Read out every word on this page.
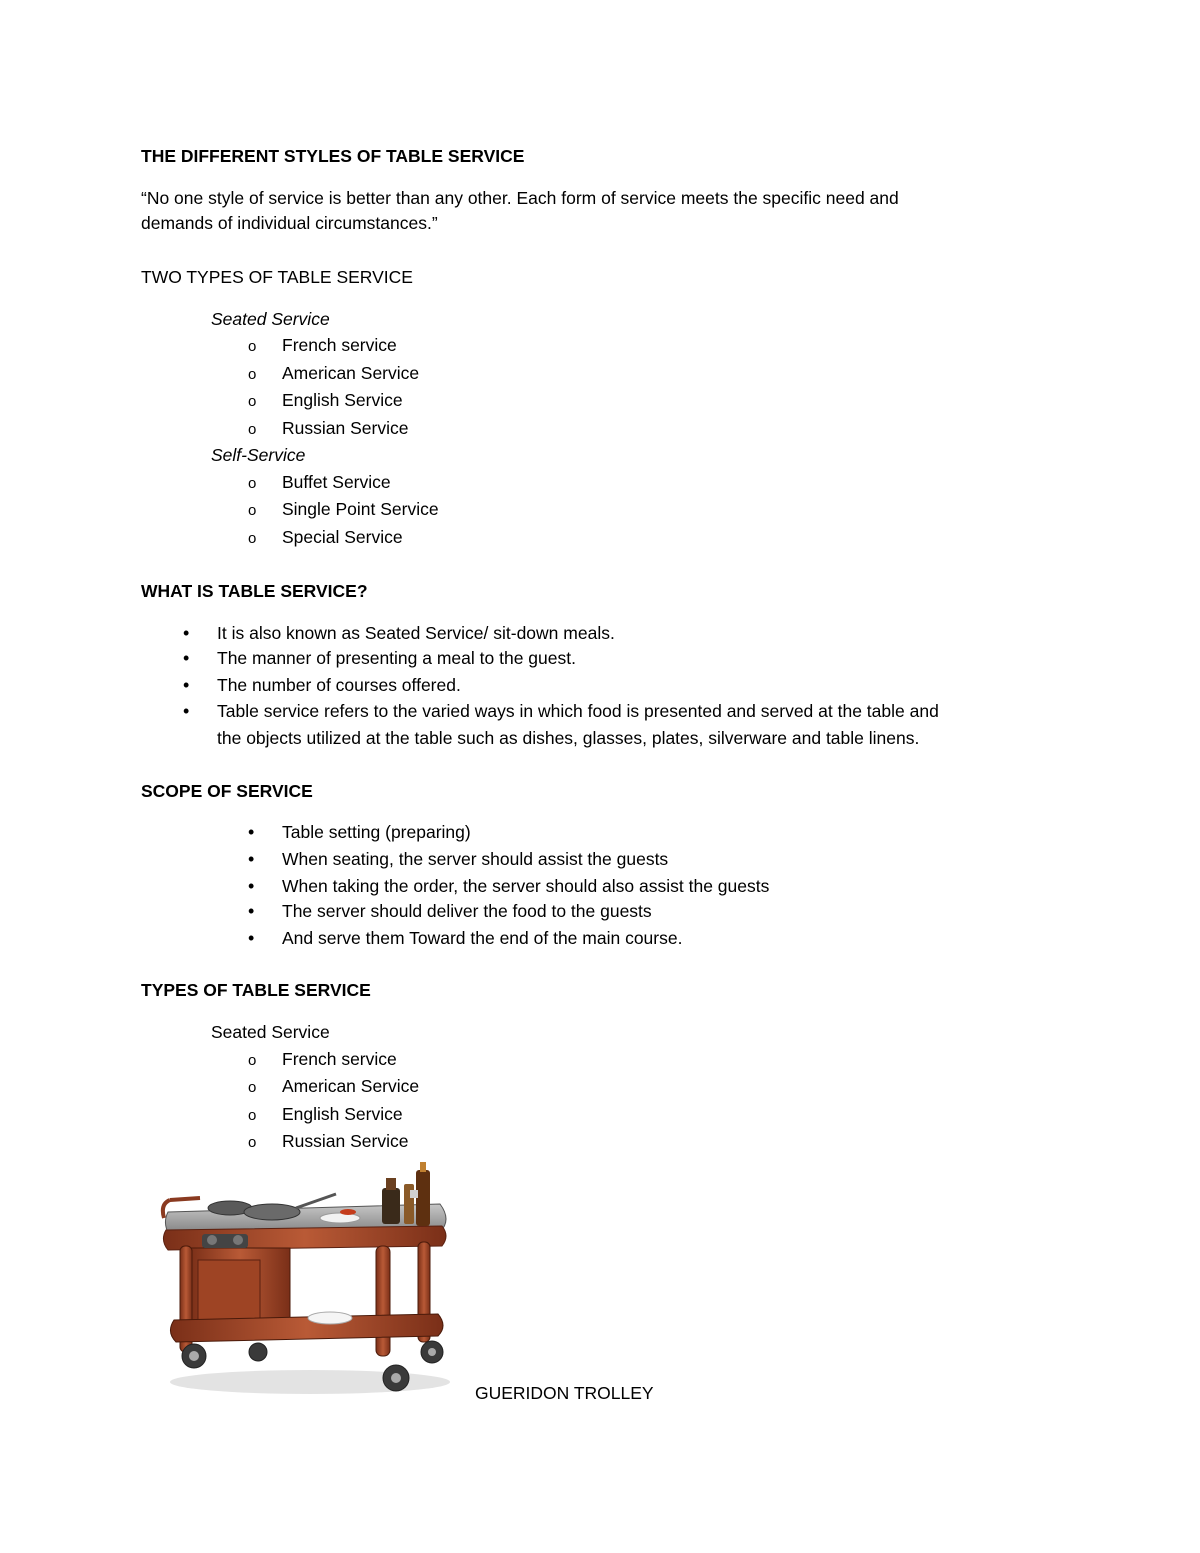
THE DIFFERENT STYLES OF TABLE SERVICE
“No one style of service is better than any other. Each form of service meets the specific need and
demands of individual circumstances.”
TWO TYPES OF TABLE SERVICE
Seated Service
o French service
o American Service
o English Service
o Russian Service
Self-Service
o Buffet Service
o Single Point Service
o Special Service
WHAT IS TABLE SERVICE?
• It is also known as Seated Service/ sit-down meals.
• The manner of presenting a meal to the guest.
• The number of courses offered.
• Table service refers to the varied ways in which food is presented and served at the table and
the objects utilized at the table such as dishes, glasses, plates, silverware and table linens.
SCOPE OF SERVICE
• Table setting (preparing)
• When seating, the server should assist the guests
• When taking the order, the server should also assist the guests
• The server should deliver the food to the guests
• And serve them Toward the end of the main course.
TYPES OF TABLE SERVICE
Seated Service
o French service
o American Service
o English Service
o Russian Service
GUERIDON TROLLEY
